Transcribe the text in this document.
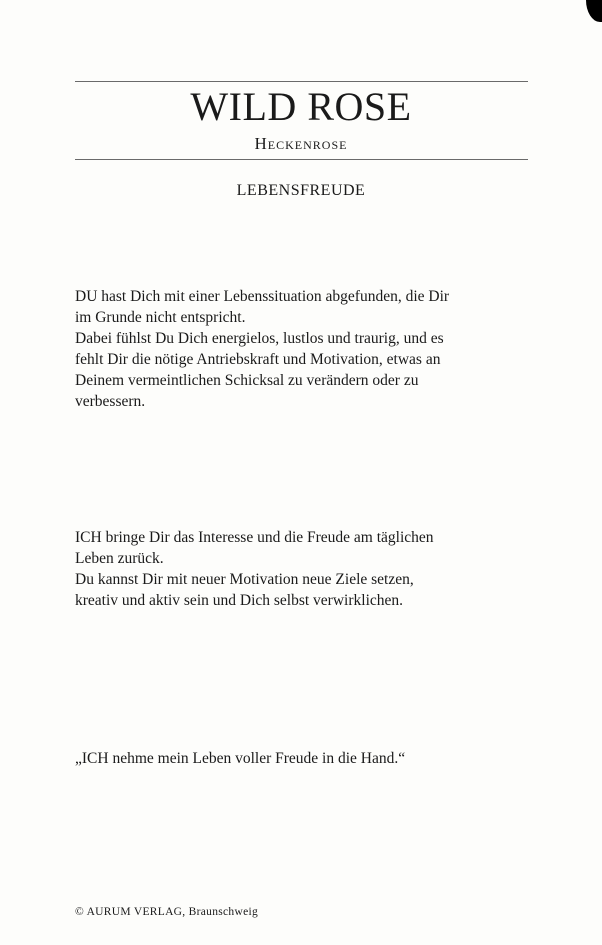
WILD ROSE
Heckenrose
LEBENSFREUDE

DU hast Dich mit einer Lebenssituation abgefunden, die Dir

im Grunde nicht entspricht.

Dabei fühlst Du Dich energielos, lustlos und traurig, und es

fehlt Dir die nötige Antriebskraft und Motivation, etwas an

Deinem vermeintlichen Schicksal zu verändern oder zu

verbessern.

ICH bringe Dir das Interesse und die Freude am täglichen

Leben zurück.

Du kannst Dir mit neuer Motivation neue Ziele setzen,

kreativ und aktiv sein und Dich selbst verwirklichen.

„ICH nehme mein Leben voller Freude in die Hand.“
© AURUM VERLAG, Braunschweig
